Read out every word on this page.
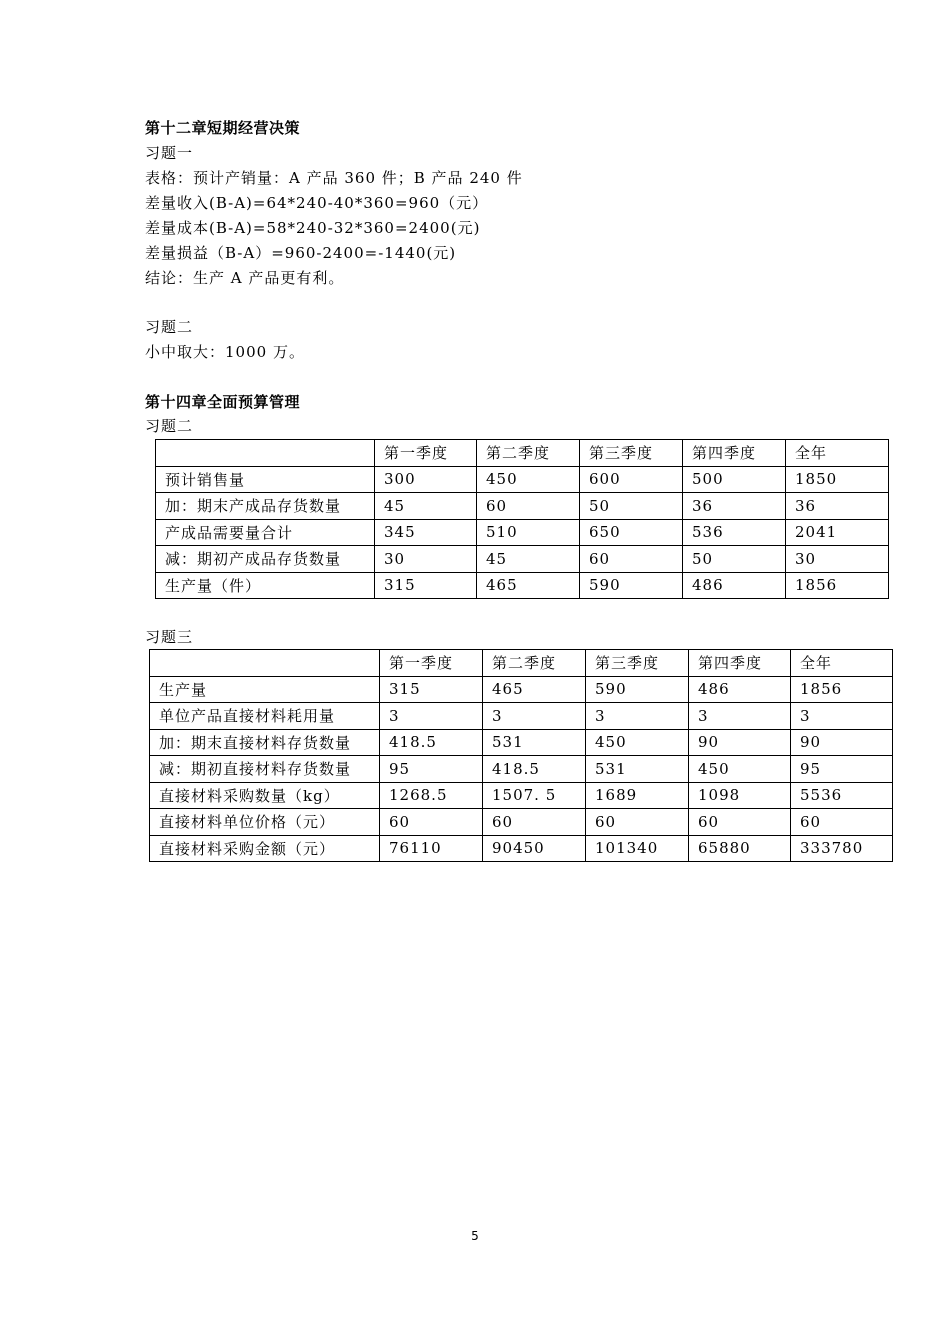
第十二章短期经营决策
习题一
表格：预计产销量：A 产品 360 件；B 产品 240 件
差量收入(B-A)=64*240-40*360=960（元）
差量成本(B-A)=58*240-32*360=2400(元)
差量损益（B-A）=960-2400=-1440(元)
结论：生产 A 产品更有利。
习题二
小中取大：1000 万。
第十四章全面预算管理
习题二
	第一季度	第二季度	第三季度	第四季度	全年
预计销售量	300	450	600	500	1850
加：期末产成品存货数量	45	60	50	36	36
产成品需要量合计	345	510	650	536	2041
减：期初产成品存货数量	30	45	60	50	30
生产量（件）	315	465	590	486	1856
习题三
	第一季度	第二季度	第三季度	第四季度	全年
生产量	315	465	590	486	1856
单位产品直接材料耗用量	3	3	3	3	3
加：期末直接材料存货数量	418.5	531	450	90	90
减：期初直接材料存货数量	95	418.5	531	450	95
直接材料采购数量（kg）	1268.5	1507. 5	1689	1098	5536
直接材料单位价格（元）	60	60	60	60	60
直接材料采购金额（元）	76110	90450	101340	65880	333780
5
